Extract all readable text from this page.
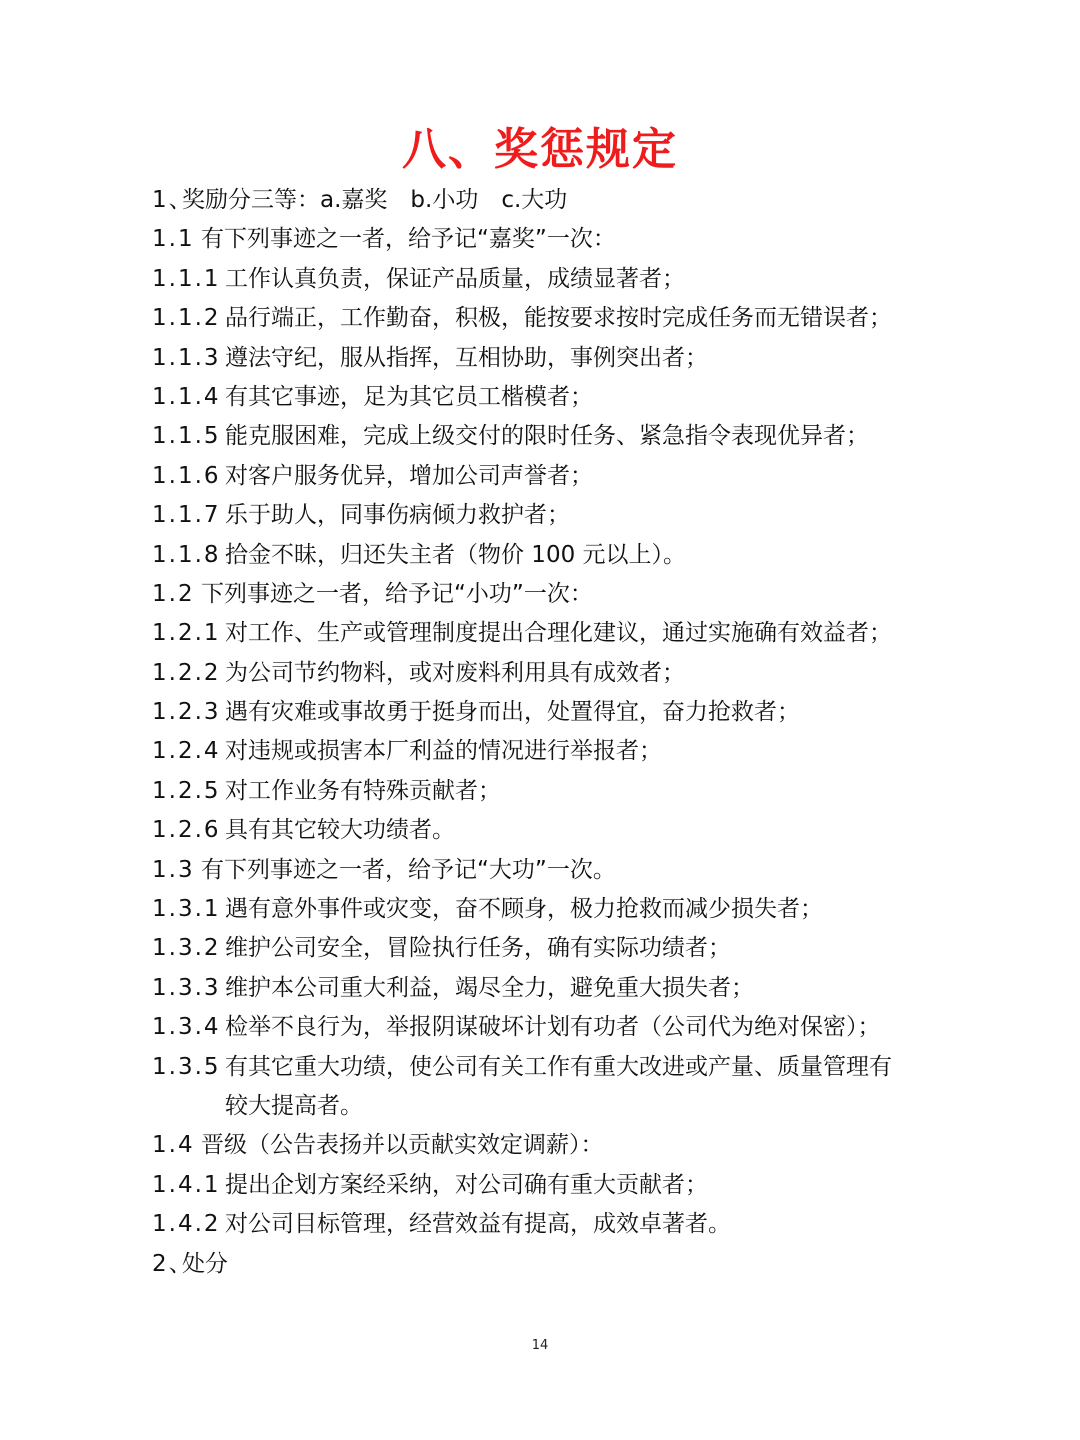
八、奖惩规定
1、
奖励分三等：a.嘉奖　b.小功　c.大功
1.1 有下列事迹之一者，给予记“嘉奖”一次：
1.1.1 工作认真负责，保证产品质量，成绩显著者；
1.1.2 品行端正，工作勤奋，积极，能按要求按时完成任务而无错误者；
1.1.3 遵法守纪，服从指挥，互相协助，事例突出者；
1.1.4 有其它事迹，足为其它员工楷模者；
1.1.5 能克服困难，完成上级交付的限时任务、紧急指令表现优异者；
1.1.6 对客户服务优异，增加公司声誉者；
1.1.7 乐于助人，同事伤病倾力救护者；
1.1.8 拾金不昧，归还失主者（物价 100 元以上）。
1.2 下列事迹之一者，给予记“小功”一次：
1.2.1 对工作、生产或管理制度提出合理化建议，通过实施确有效益者；
1.2.2 为公司节约物料，或对废料利用具有成效者；
1.2.3 遇有灾难或事故勇于挺身而出，处置得宜，奋力抢救者；
1.2.4 对违规或损害本厂利益的情况进行举报者；
1.2.5 对工作业务有特殊贡献者；
1.2.6 具有其它较大功绩者。
1.3 有下列事迹之一者，给予记“大功”一次。
1.3.1 遇有意外事件或灾变，奋不顾身，极力抢救而减少损失者；
1.3.2 维护公司安全，冒险执行任务，确有实际功绩者；
1.3.3 维护本公司重大利益，竭尽全力，避免重大损失者；
1.3.4 检举不良行为，举报阴谋破坏计划有功者（公司代为绝对保密）；
1.3.5 有其它重大功绩，使公司有关工作有重大改进或产量、质量管理有
较大提高者。
1.4 晋级（公告表扬并以贡献实效定调薪）：
1.4.1 提出企划方案经采纳，对公司确有重大贡献者；
1.4.2 对公司目标管理，经营效益有提高，成效卓著者。
2、
处分
14
